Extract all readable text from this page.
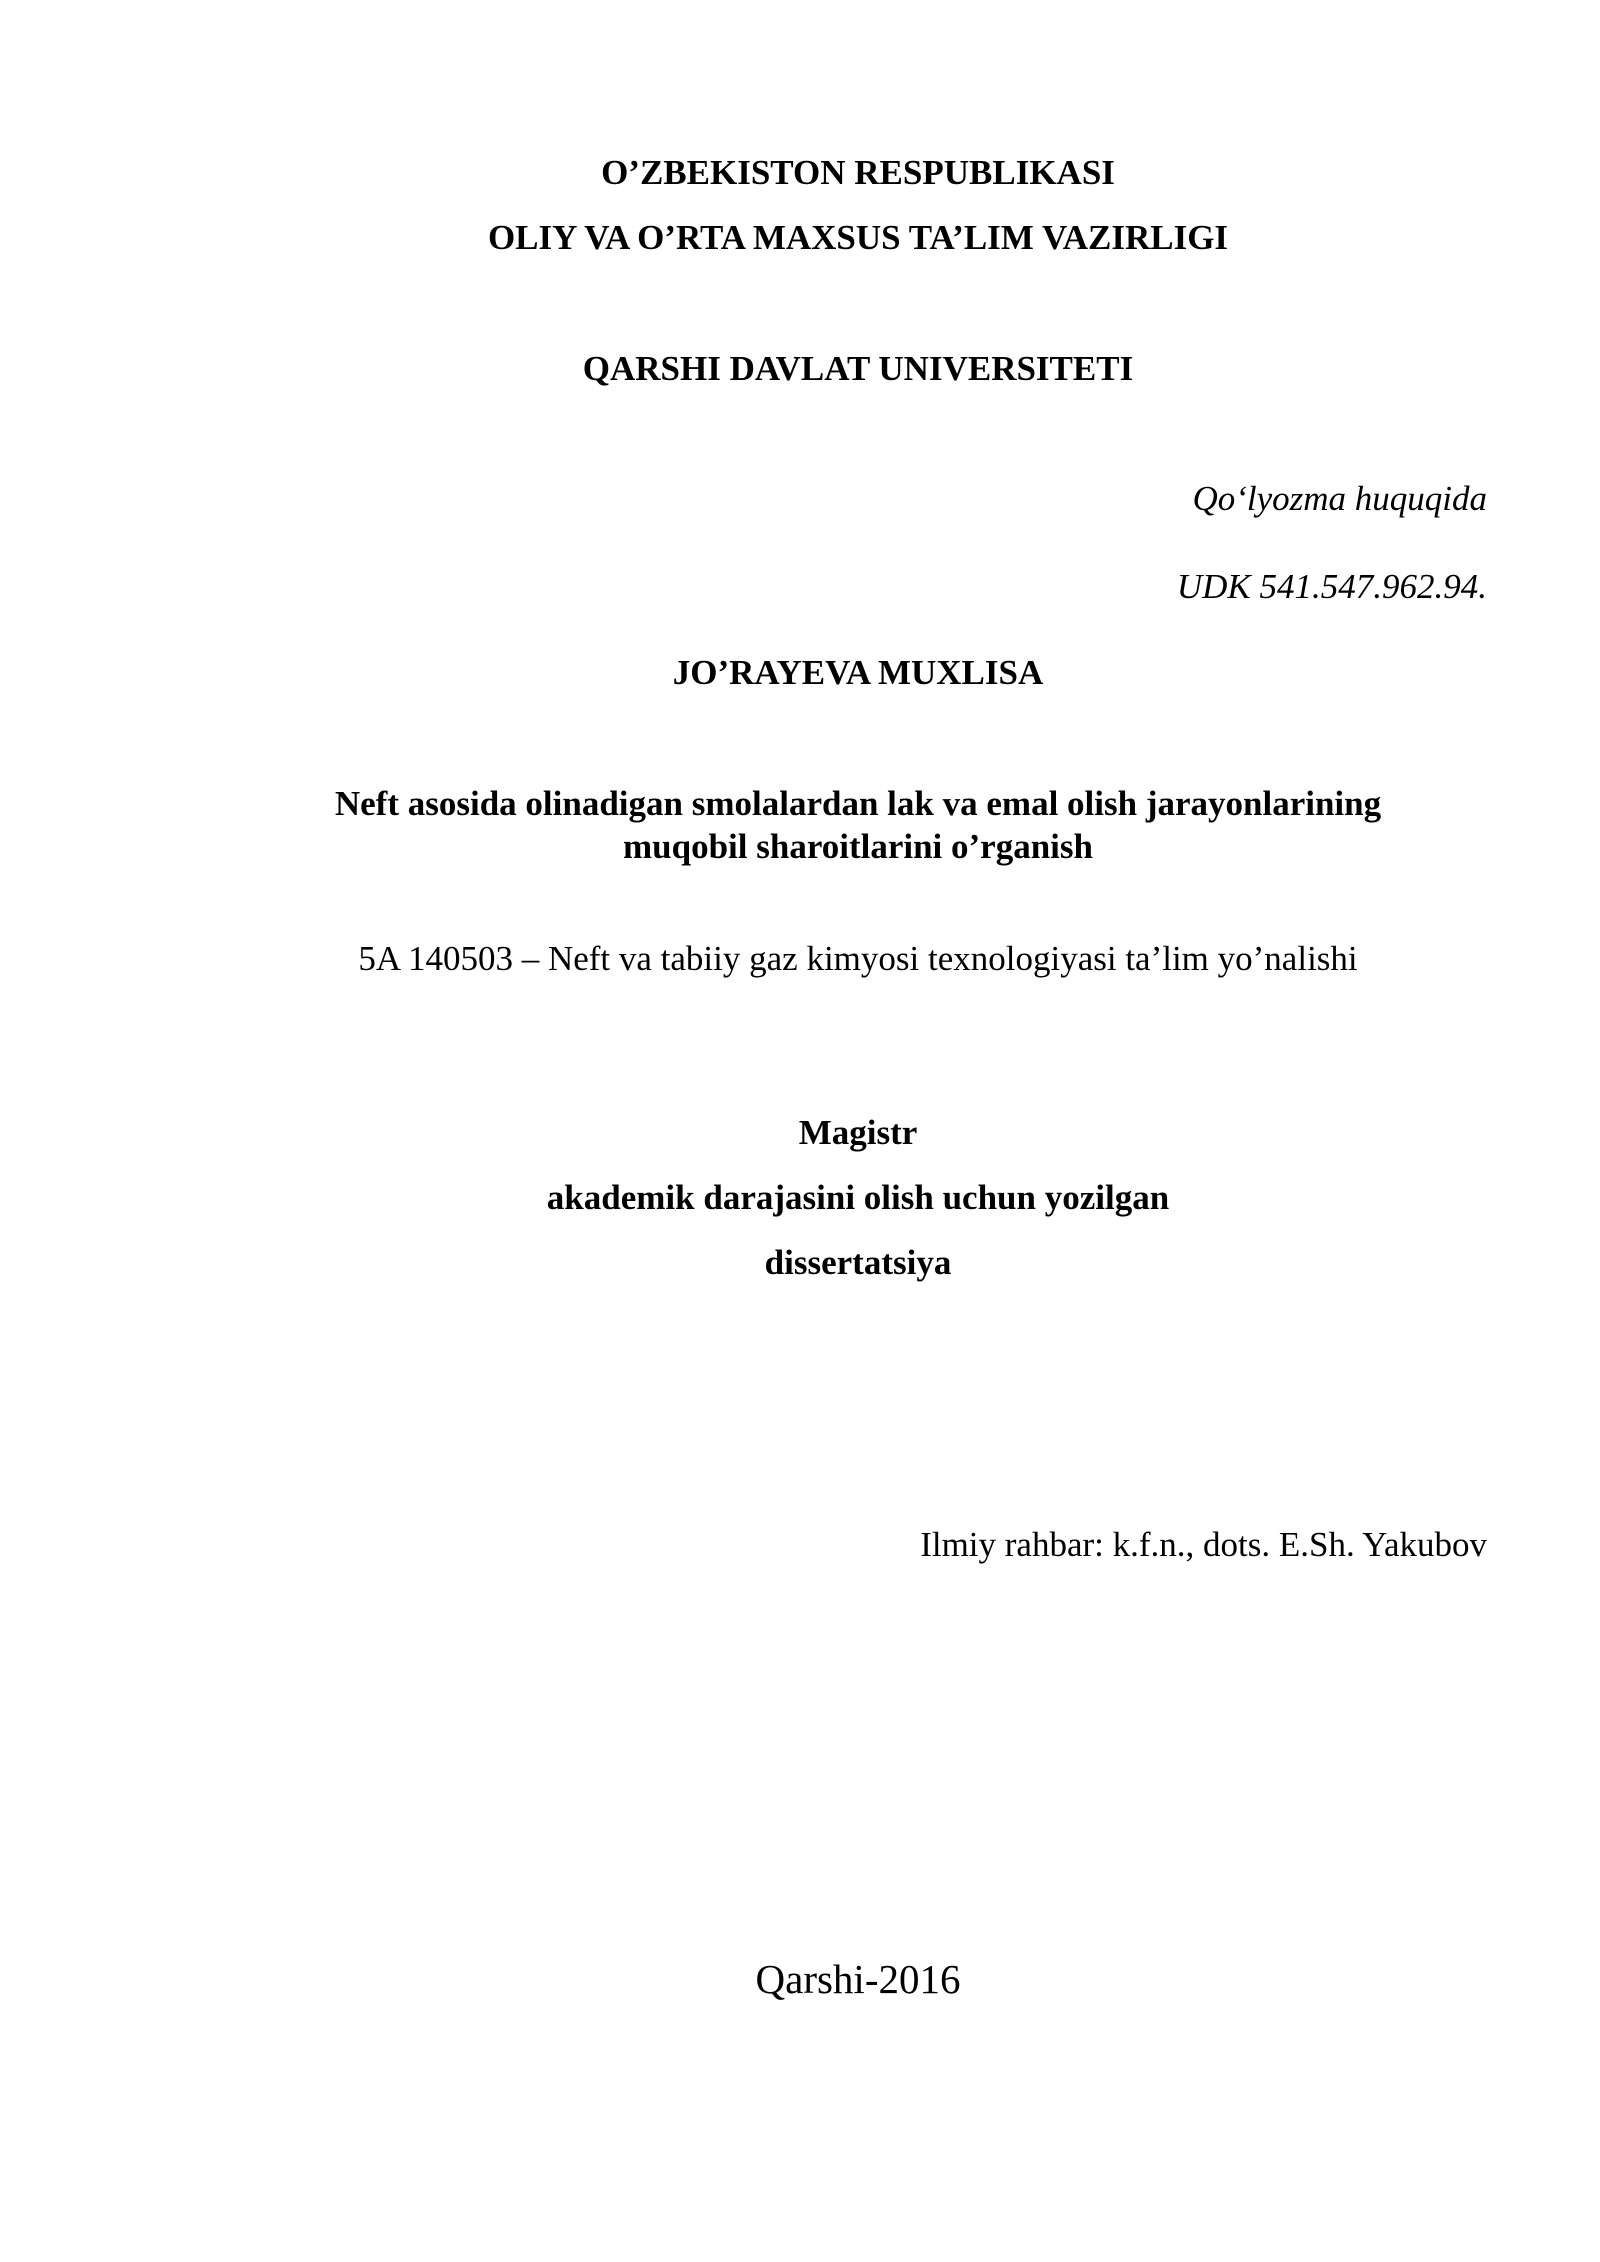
O’ZBEKISTON RESPUBLIKASI
OLIY VA O’RTA MAXSUS TA’LIM VAZIRLIGI
QARSHI DAVLAT UNIVERSITETI
Qo‘lyozma huquqida
UDK 541.547.962.94.
JO’RAYEVA MUXLISA
Neft asosida olinadigan smolalardan lak va emal olish jarayonlarining
muqobil sharoitlarini o’rganish
5A 140503 – Neft va tabiiy gaz kimyosi texnologiyasi ta’lim yo’nalishi
Magistr
akademik darajasini olish uchun yozilgan
dissertatsiya
Ilmiy rahbar: k.f.n., dots. E.Sh. Yakubov
Qarshi-2016
